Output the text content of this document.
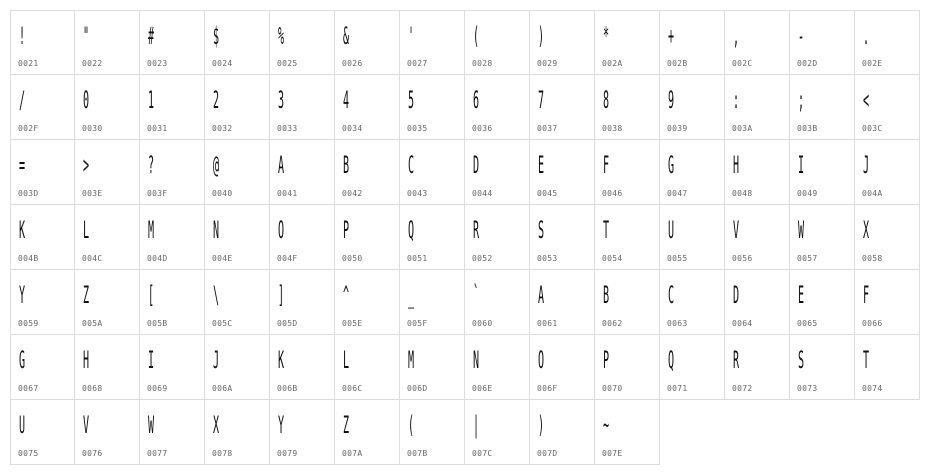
!
0021
"
0022
#
0023
$
0024
%
0025
&
0026
'
0027
(
0028
)
0029
*
002A
+
002B
,
002C
-
002D
.
002E
/
002F
0
0030
1
0031
2
0032
3
0033
4
0034
5
0035
6
0036
7
0037
8
0038
9
0039
:
003A
;
003B
<
003C
=
003D
>
003E
?
003F
@
0040
A
0041
B
0042
C
0043
D
0044
E
0045
F
0046
G
0047
H
0048
I
0049
J
004A
K
004B
L
004C
M
004D
N
004E
O
004F
P
0050
Q
0051
R
0052
S
0053
T
0054
U
0055
V
0056
W
0057
X
0058
Y
0059
Z
005A
[
005B
\
005C
]
005D
^
005E
_
005F
`
0060
A
0061
B
0062
C
0063
D
0064
E
0065
F
0066
G
0067
H
0068
I
0069
J
006A
K
006B
L
006C
M
006D
N
006E
O
006F
P
0070
Q
0071
R
0072
S
0073
T
0074
U
0075
V
0076
W
0077
X
0078
Y
0079
Z
007A
(
007B
|
007C
)
007D
~
007E
